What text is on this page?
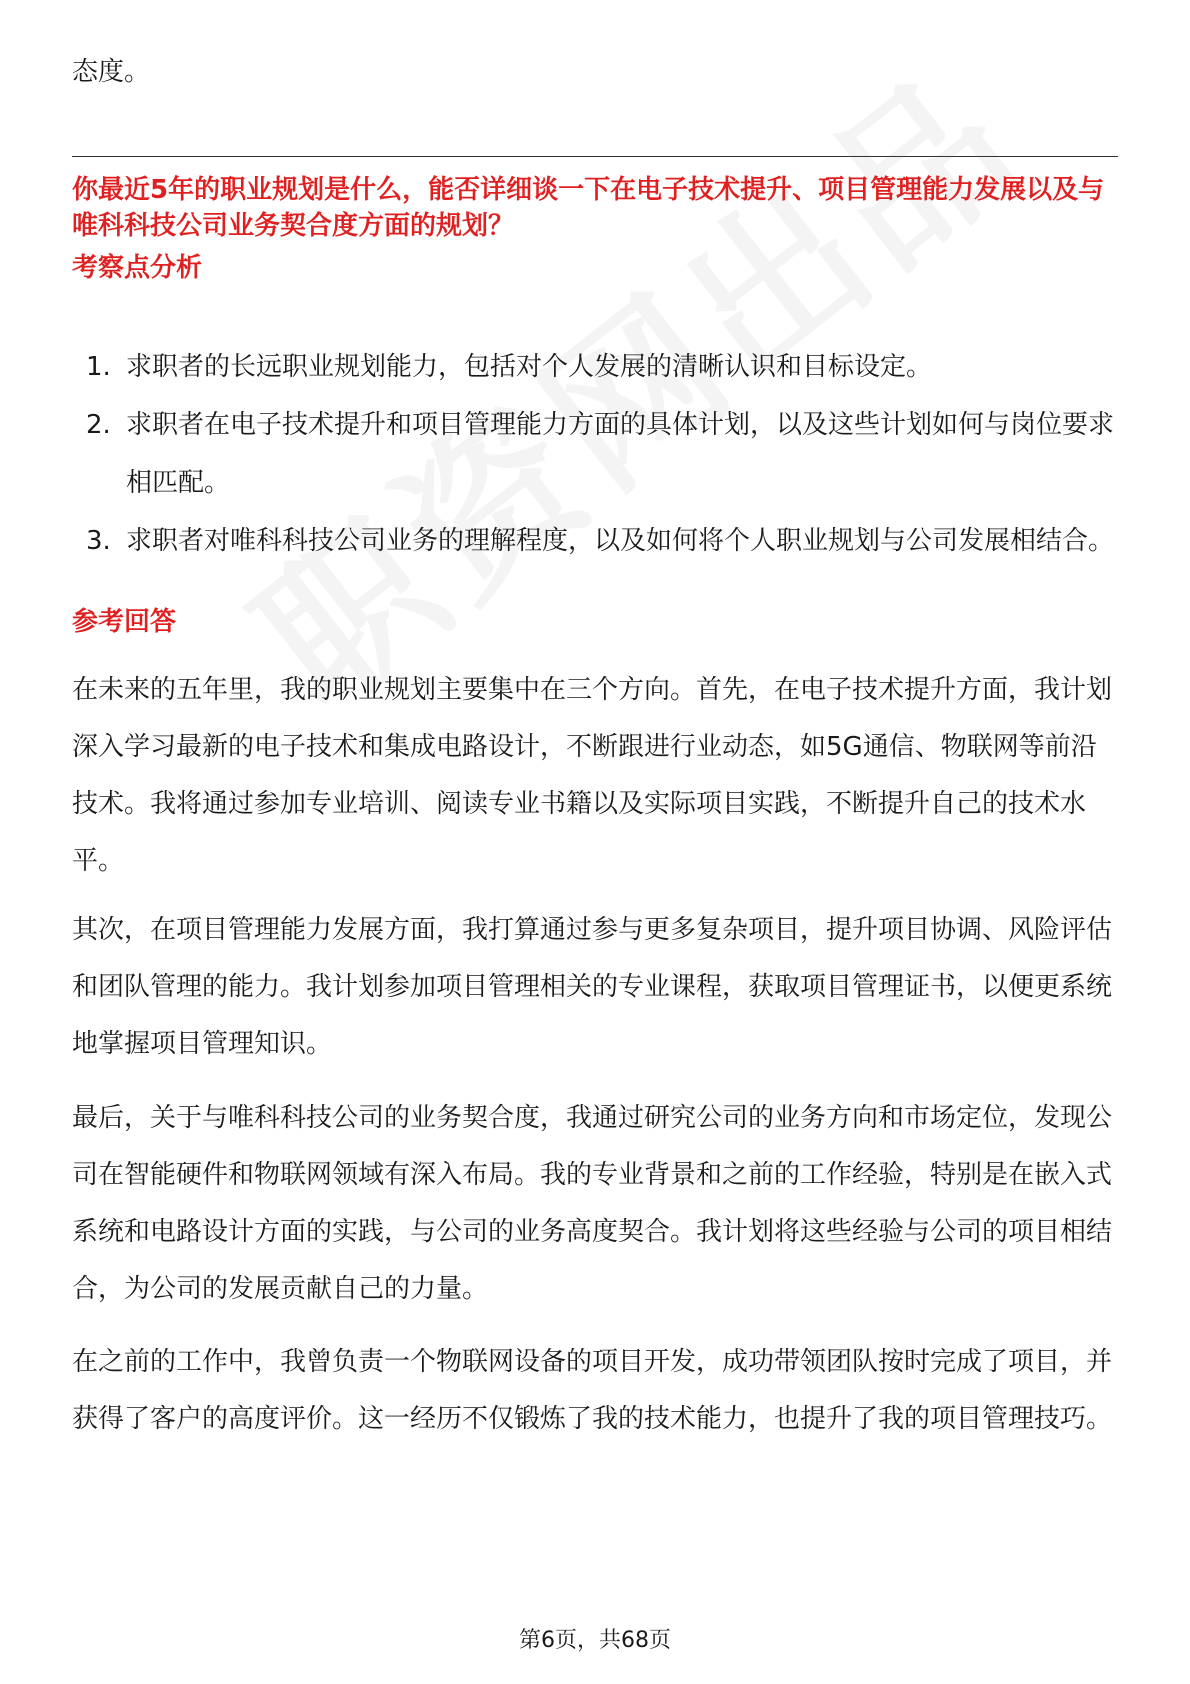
态度。

你最近5年的职业规划是什么，能否详细谈一下在电子技术提升、项目管理能力发展以及与唯科科技公司业务契合度方面的规划？

考察点分析

1. 求职者的长远职业规划能力，包括对个人发展的清晰认识和目标设定。
2. 求职者在电子技术提升和项目管理能力方面的具体计划，以及这些计划如何与岗位要求相匹配。
3. 求职者对唯科科技公司业务的理解程度，以及如何将个人职业规划与公司发展相结合。

参考回答

在未来的五年里，我的职业规划主要集中在三个方向。首先，在电子技术提升方面，我计划深入学习最新的电子技术和集成电路设计，不断跟进行业动态，如5G通信、物联网等前沿技术。我将通过参加专业培训、阅读专业书籍以及实际项目实践，不断提升自己的技术水平。

其次，在项目管理能力发展方面，我打算通过参与更多复杂项目，提升项目协调、风险评估和团队管理的能力。我计划参加项目管理相关的专业课程，获取项目管理证书，以便更系统地掌握项目管理知识。

最后，关于与唯科科技公司的业务契合度，我通过研究公司的业务方向和市场定位，发现公司在智能硬件和物联网领域有深入布局。我的专业背景和之前的工作经验，特别是在嵌入式系统和电路设计方面的实践，与公司的业务高度契合。我计划将这些经验与公司的项目相结合，为公司的发展贡献自己的力量。

在之前的工作中，我曾负责一个物联网设备的项目开发，成功带领团队按时完成了项目，并获得了客户的高度评价。这一经历不仅锻炼了我的技术能力，也提升了我的项目管理技巧。

第6页，共68页
